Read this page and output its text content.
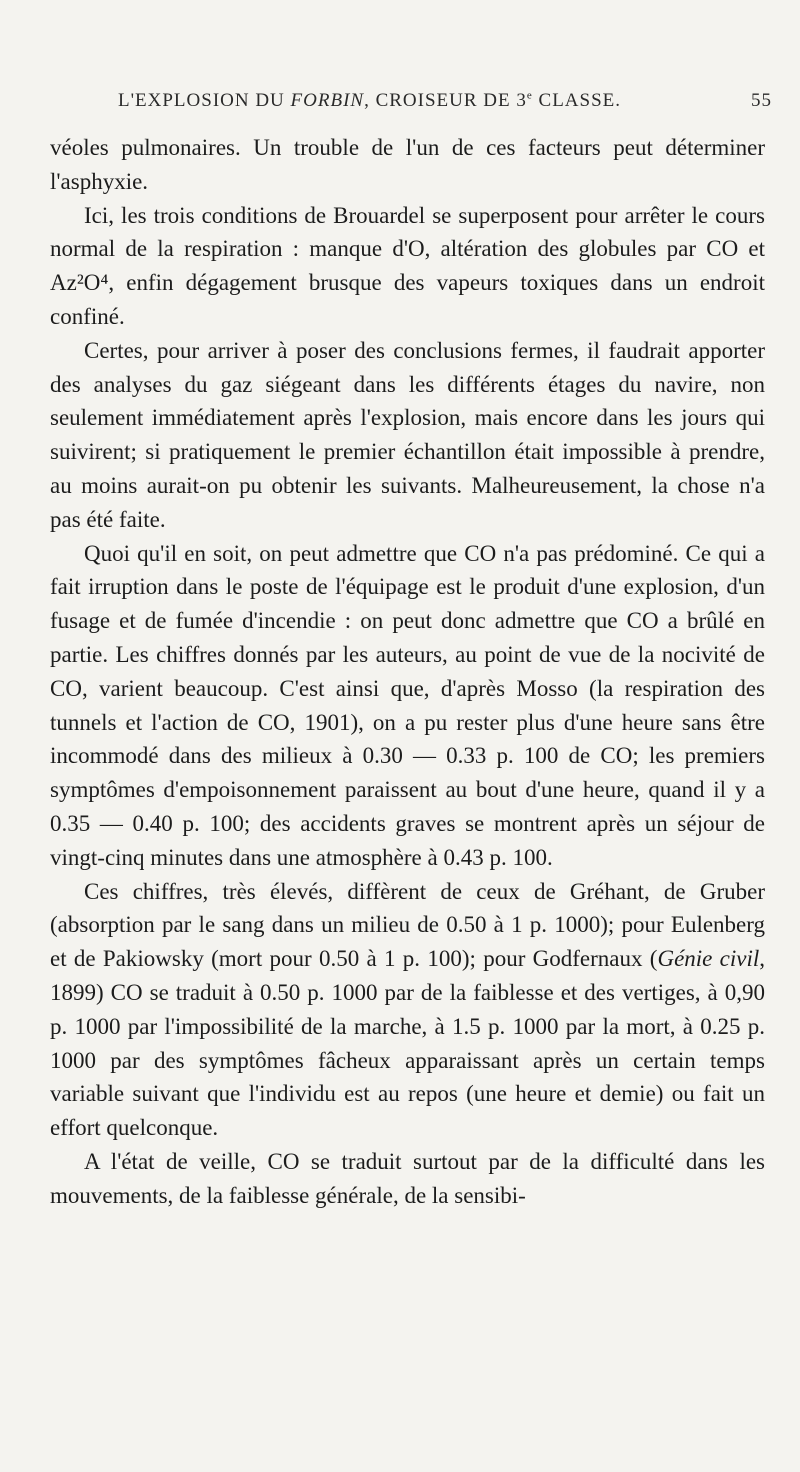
L'EXPLOSION DU FORBIN, CROISEUR DE 3e CLASSE.	55

véoles pulmonaires. Un trouble de l'un de ces facteurs peut déterminer l'asphyxie.

Ici, les trois conditions de Brouardel se superposent pour arrêter le cours normal de la respiration : manque d'O, altération des globules par CO et Az²O⁴, enfin dégagement brusque des vapeurs toxiques dans un endroit confiné.

Certes, pour arriver à poser des conclusions fermes, il faudrait apporter des analyses du gaz siégeant dans les différents étages du navire, non seulement immédiatement après l'explosion, mais encore dans les jours qui suivirent; si pratiquement le premier échantillon était impossible à prendre, au moins aurait-on pu obtenir les suivants. Malheureusement, la chose n'a pas été faite.

Quoi qu'il en soit, on peut admettre que CO n'a pas prédominé. Ce qui a fait irruption dans le poste de l'équipage est le produit d'une explosion, d'un fusage et de fumée d'incendie : on peut donc admettre que CO a brûlé en partie. Les chiffres donnés par les auteurs, au point de vue de la nocivité de CO, varient beaucoup. C'est ainsi que, d'après Mosso (la respiration des tunnels et l'action de CO, 1901), on a pu rester plus d'une heure sans être incommodé dans des milieux à 0.30 — 0.33 p. 100 de CO; les premiers symptômes d'empoisonnement paraissent au bout d'une heure, quand il y a 0.35 — 0.40 p. 100; des accidents graves se montrent après un séjour de vingt-cinq minutes dans une atmosphère à 0.43 p. 100.

Ces chiffres, très élevés, diffèrent de ceux de Gréhant, de Gruber (absorption par le sang dans un milieu de 0.50 à 1 p. 1000); pour Eulenberg et de Pakiowsky (mort pour 0.50 à 1 p. 100); pour Godfernaux (Génie civil, 1899) CO se traduit à 0.50 p. 1000 par de la faiblesse et des vertiges, à 0,90 p. 1000 par l'impossibilité de la marche, à 1.5 p. 1000 par la mort, à 0.25 p. 1000 par des symptômes fâcheux apparaissant après un certain temps variable suivant que l'individu est au repos (une heure et demie) ou fait un effort quelconque.

A l'état de veille, CO se traduit surtout par de la difficulté dans les mouvements, de la faiblesse générale, de la sensibi-
